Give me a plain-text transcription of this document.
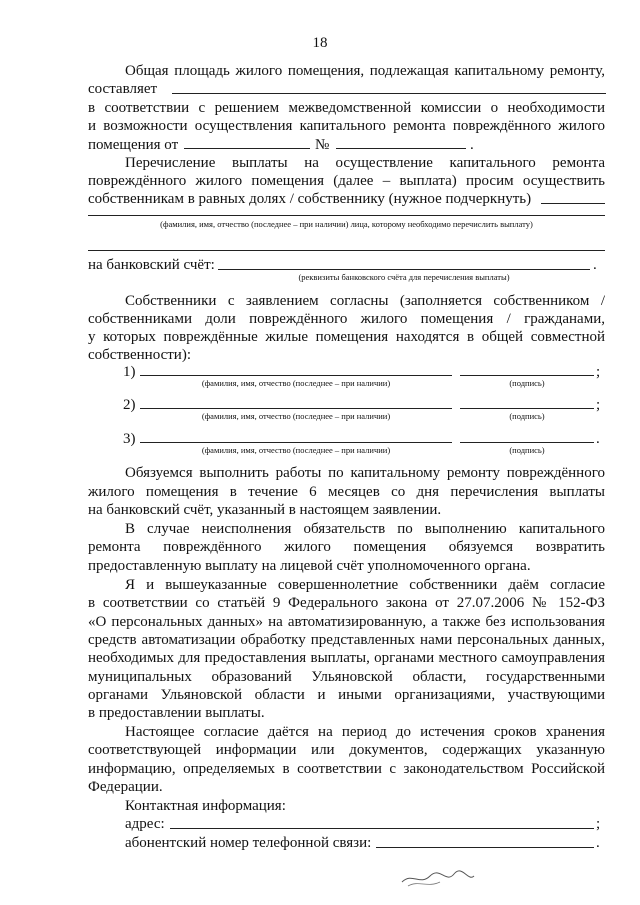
18
Общая площадь жилого помещения, подлежащая капитальному ремонту,
составляет
в соответствии с решением межведомственной комиссии о необходимости
и возможности осуществления капитального ремонта повреждённого жилого
помещения от	№	.
Перечисление выплаты на осуществление капитального ремонта
повреждённого жилого помещения (далее – выплата) просим осуществить
собственникам в равных долях / собственнику (нужное подчеркнуть)
(фамилия, имя, отчество (последнее – при наличии) лица, которому необходимо перечислить выплату)
на банковский счёт:	.
(реквизиты банковского счёта для перечисления выплаты)
Собственники с заявлением согласны (заполняется собственником /
собственниками доли повреждённого жилого помещения / гражданами,
у которых повреждённые жилые помещения находятся в общей совместной
собственности):
1)	;
(фамилия, имя, отчество (последнее – при наличии)	(подпись)
2)	;
(фамилия, имя, отчество (последнее – при наличии)	(подпись)
3)	.
(фамилия, имя, отчество (последнее – при наличии)	(подпись)
Обязуемся выполнить работы по капитальному ремонту повреждённого
жилого помещения в течение 6 месяцев со дня перечисления выплаты
на банковский счёт, указанный в настоящем заявлении.
В случае неисполнения обязательств по выполнению капитального
ремонта повреждённого жилого помещения обязуемся возвратить
предоставленную выплату на лицевой счёт уполномоченного органа.
Я и вышеуказанные совершеннолетние собственники даём согласие
в соответствии со статьёй 9 Федерального закона от 27.07.2006 № 152-ФЗ
«О персональных данных» на автоматизированную, а также без использования
средств автоматизации обработку представленных нами персональных данных,
необходимых для предоставления выплаты, органами местного самоуправления
муниципальных образований Ульяновской области, государственными
органами Ульяновской области и иными организациями, участвующими
в предоставлении выплаты.
Настоящее согласие даётся на период до истечения сроков хранения
соответствующей информации или документов, содержащих указанную
информацию, определяемых в соответствии с законодательством Российской
Федерации.
Контактная информация:
адрес:	;
абонентский номер телефонной связи:	.
